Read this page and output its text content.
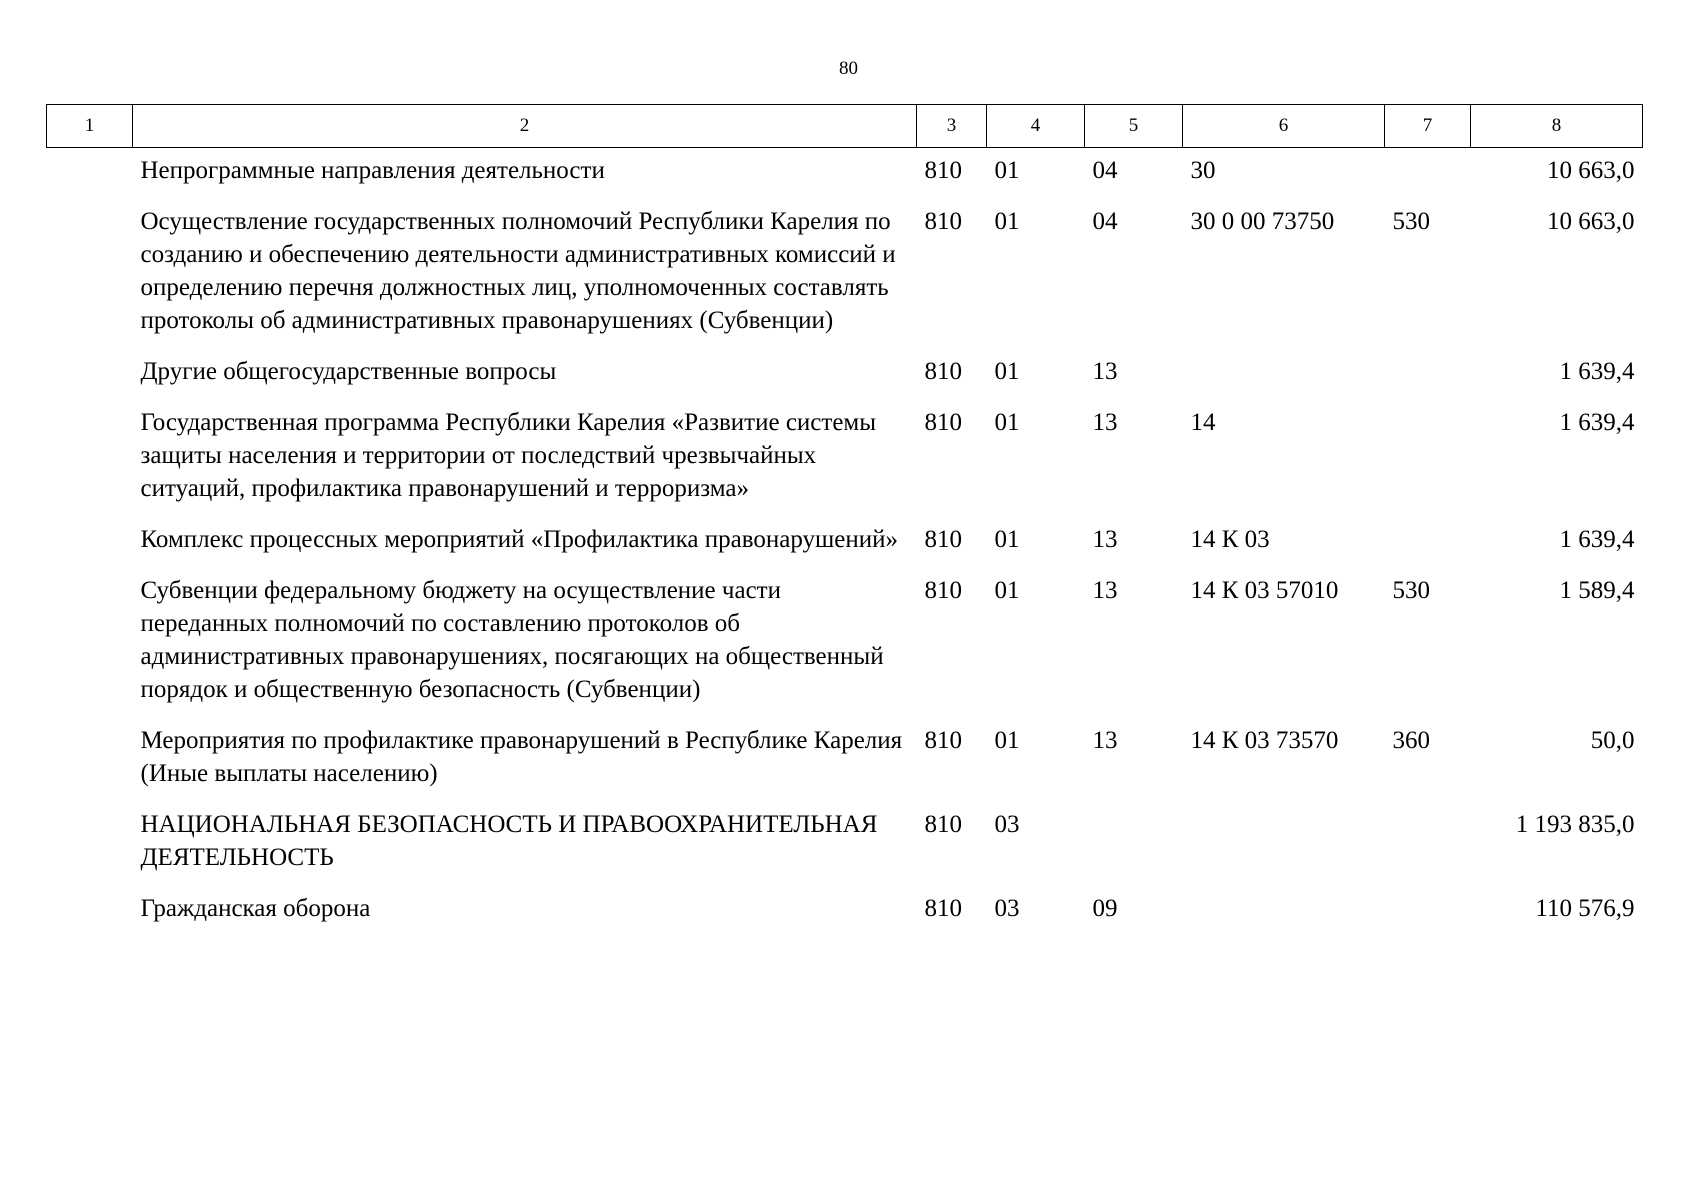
80
1	2	3	4	5	6	7	8
	Непрограммные направления деятельности	810	01	04	30		10 663,0
	Осуществление государственных полномочий Республики Карелия по созданию и обеспечению деятельности административных комиссий и определению перечня должностных лиц, уполномоченных составлять протоколы об административных правонарушениях (Субвенции)	810	01	04	30 0 00 73750	530	10 663,0
	Другие общегосударственные вопросы	810	01	13			1 639,4
	Государственная программа Республики Карелия «Развитие системы защиты населения и территории от последствий чрезвычайных ситуаций, профилактика правонарушений и терроризма»	810	01	13	14		1 639,4
	Комплекс процессных мероприятий «Профилактика правонарушений»	810	01	13	14 К 03		1 639,4
	Субвенции федеральному бюджету на осуществление части переданных полномочий по составлению протоколов об административных правонарушениях, посягающих на общественный порядок и общественную безопасность (Субвенции)	810	01	13	14 К 03 57010	530	1 589,4
	Мероприятия по профилактике правонарушений в Республике Карелия (Иные выплаты населению)	810	01	13	14 К 03 73570	360	50,0
	НАЦИОНАЛЬНАЯ БЕЗОПАСНОСТЬ И ПРАВООХРАНИТЕЛЬНАЯ ДЕЯТЕЛЬНОСТЬ	810	03				1 193 835,0
	Гражданская оборона	810	03	09			110 576,9
